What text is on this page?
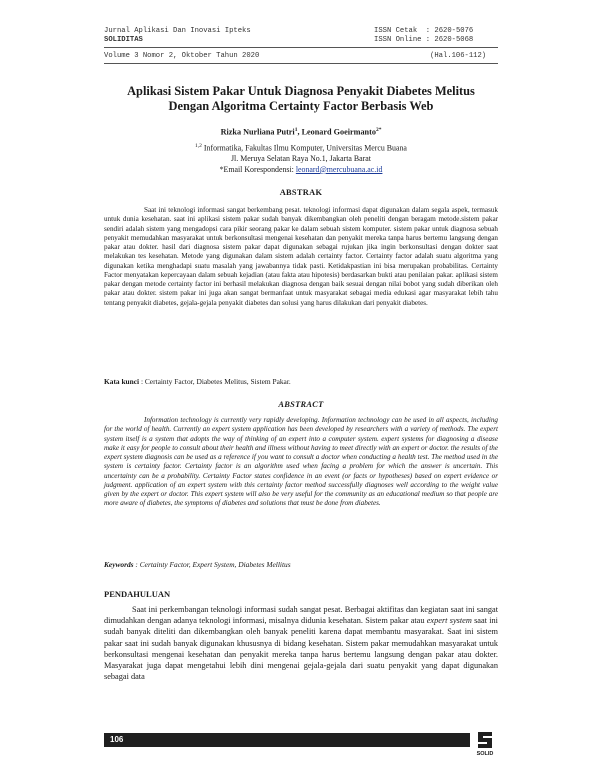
Jurnal Aplikasi Dan Inovasi Ipteks
SOLIDITAS
ISSN Cetak  : 2620-5076
ISSN Online : 2620-5068
Volume 3 Nomor 2, Oktober Tahun 2020	(Hal.106-112)
Aplikasi Sistem Pakar Untuk Diagnosa Penyakit Diabetes Melitus
Dengan Algoritma Certainty Factor Berbasis Web
Rizka Nurliana Putri$^1$, Leonard Goeirmanto$^{2*}$
$^{1,2}$ Informatika, Fakultas Ilmu Komputer, Universitas Mercu Buana
Jl. Meruya Selatan Raya No.1, Jakarta Barat
*Email Korespondensi: leonard@mercubuana.ac.id
ABSTRAK

Saat ini teknologi informasi sangat berkembang pesat. teknologi informasi dapat digunakan dalam segala aspek, termasuk untuk dunia kesehatan. saat ini aplikasi sistem pakar sudah banyak dikembangkan oleh peneliti dengan beragam metode.sistem pakar sendiri adalah sistem yang mengadopsi cara pikir seorang pakar ke dalam sebuah sistem komputer. sistem pakar untuk diagnosa sebuah penyakit memudahkan masyarakat untuk berkonsultasi mengenai kesehatan dan penyakit mereka tanpa harus bertemu langsung dengan pakar atau dokter. hasil dari diagnosa sistem pakar dapat digunakan sebagai rujukan jika ingin berkonsultasi dengan dokter saat melakukan tes kesehatan. Metode yang digunakan dalam sistem adalah certainty factor. Certainty factor adalah suatu algoritma yang digunakan ketika menghadapi suatu masalah yang jawabannya tidak pasti. Ketidakpastian ini bisa merupakan probabilitas. Certainty Factor menyatakan kepercayaan dalam sebuah kejadian (atau fakta atau hipotesis) berdasarkan bukti atau penilaian pakar. aplikasi sistem pakar dengan metode certainty factor ini berhasil melakukan diagnosa dengan baik sesuai dengan nilai bobot yang sudah diberikan oleh pakar atau dokter. sistem pakar ini juga akan sangat bermanfaat untuk masyarakat sebagai media edukasi agar masyarakat lebih tahu tentang penyakit diabetes, gejala-gejala penyakit diabetes dan solusi yang harus dilakukan dari penyakit diabetes.

Kata kunci : Certainty Factor, Diabetes Melitus, Sistem Pakar.

ABSTRACT

Information technology is currently very rapidly developing. Information technology can be used in all aspects, including for the world of health. Currently an expert system application has been developed by researchers with a variety of methods. The expert system itself is a system that adopts the way of thinking of an expert into a computer system. expert systems for diagnosing a disease make it easy for people to consult about their health and illness without having to meet directly with an expert or doctor. the results of the expert system diagnosis can be used as a reference if you want to consult a doctor when conducting a health test. The method used in the system is certainty factor. Certainty factor is an algorithm used when facing a problem for which the answer is uncertain. This uncertainty can be a probability. Certainty Factor states confidence in an event (or facts or hypotheses) based on expert evidence or judgment. application of an expert system with this certainty factor method successfully diagnoses well according to the weight value given by the expert or doctor. This expert system will also be very useful for the community as an educational medium so that people are more aware of diabetes, the symptoms of diabetes and solutions that must be done from diabetes.

Keywords : Certainty Factor, Expert System, Diabetes Mellitus

PENDAHULUAN

Saat ini perkembangan teknologi informasi sudah sangat pesat. Berbagai aktifitas dan kegiatan saat ini sangat dimudahkan dengan adanya teknologi informasi, misalnya didunia kesehatan. Sistem pakar atau expert system saat ini sudah banyak diteliti dan dikembangkan oleh banyak peneliti karena dapat membantu masyarakat. Saat ini sistem pakar saat ini sudah banyak digunakan khususnya di bidang kesehatan. Sistem pakar memudahkan masyarakat untuk berkonsultasi mengenai kesehatan dan penyakit mereka tanpa harus bertemu langsung dengan pakar atau dokter. Masyarakat juga dapat mengetahui lebih dini mengenai gejala-gejala dari suatu penyakit yang dapat digunakan sebagai data

106
SOLID
